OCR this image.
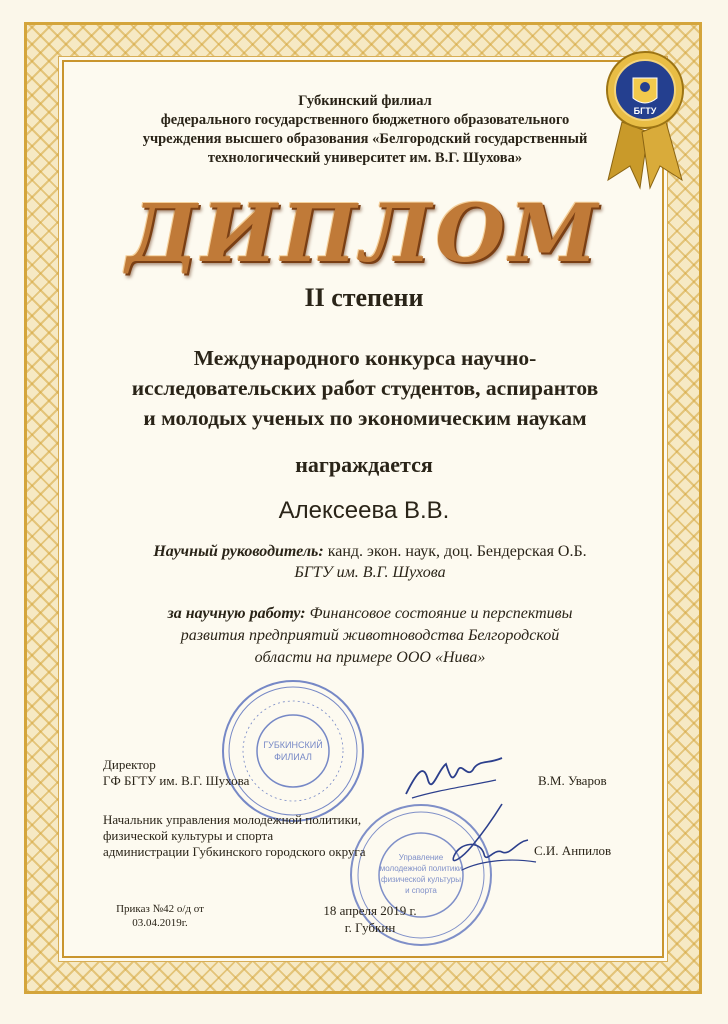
БГТУ
Губкинский филиал
федерального государственного бюджетного образовательного
учреждения высшего образования «Белгородский государственный
технологический университет им. В.Г. Шухова»
ДИПЛОМ
II степени
Международного конкурса научно-
исследовательских работ студентов, аспирантов
и молодых ученых по экономическим наукам
награждается
Алексеева В.В.
Научный руководитель: канд. экон. наук, доц. Бендерская О.Б.
БГТУ им. В.Г. Шухова
за научную работу: Финансовое состояние и перспективы
развития предприятий животноводства Белгородской
области на примере ООО «Нива»
ГУБКИНСКИЙ
ФИЛИАЛ
Управление
молодежной политики
физической культуры
и спорта
Директор
ГФ БГТУ им. В.Г. Шухова	В.М. Уваров
Начальник управления молодежной политики,
физической культуры и спорта
администрации Губкинского городского округа	С.И. Анпилов
Приказ №42 о/д от
03.04.2019г.
18 апреля 2019 г.
г. Губкин
